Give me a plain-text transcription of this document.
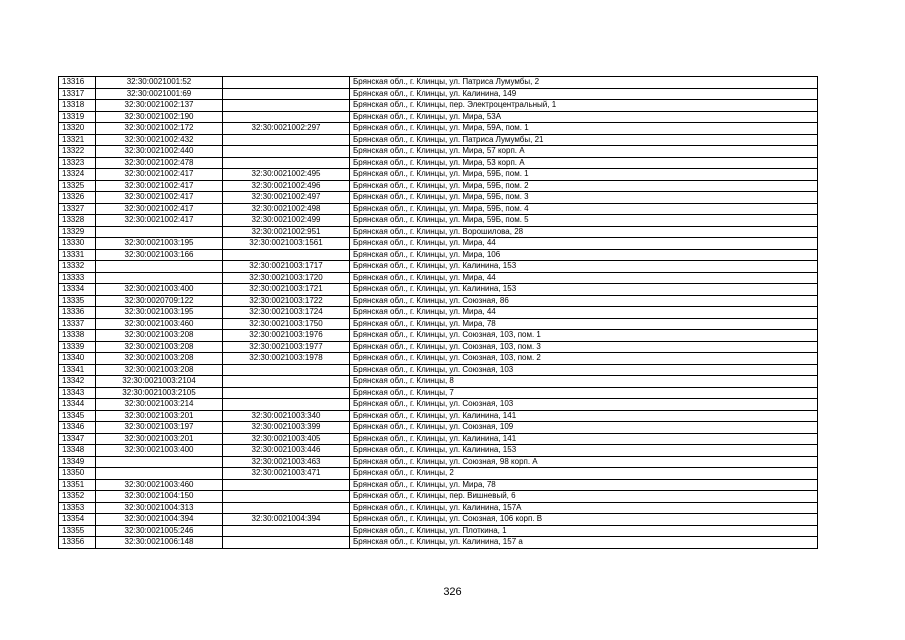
13316	32:30:0021001:52		Брянская обл., г. Клинцы, ул. Патриса Лумумбы, 2
13317	32:30:0021001:69		Брянская обл., г. Клинцы, ул. Калинина, 149
13318	32:30:0021002:137		Брянская обл., г. Клинцы, пер. Электроцентральный, 1
13319	32:30:0021002:190		Брянская обл., г. Клинцы, ул. Мира, 53А
13320	32:30:0021002:172	32:30:0021002:297	Брянская обл., г. Клинцы, ул. Мира, 59А, пом. 1
13321	32:30:0021002:432		Брянская обл., г. Клинцы, ул. Патриса Лумумбы, 21
13322	32:30:0021002:440		Брянская обл., г. Клинцы, ул. Мира, 57 корп. А
13323	32:30:0021002:478		Брянская обл., г. Клинцы, ул. Мира, 53 корп. А
13324	32:30:0021002:417	32:30:0021002:495	Брянская обл., г. Клинцы, ул. Мира, 59Б, пом. 1
13325	32:30:0021002:417	32:30:0021002:496	Брянская обл., г. Клинцы, ул. Мира, 59Б, пом. 2
13326	32:30:0021002:417	32:30:0021002:497	Брянская обл., г. Клинцы, ул. Мира, 59Б, пом. 3
13327	32:30:0021002:417	32:30:0021002:498	Брянская обл., г. Клинцы, ул. Мира, 59Б, пом. 4
13328	32:30:0021002:417	32:30:0021002:499	Брянская обл., г. Клинцы, ул. Мира, 59Б, пом. 5
13329		32:30:0021002:951	Брянская обл., г. Клинцы, ул. Ворошилова, 28
13330	32:30:0021003:195	32:30:0021003:1561	Брянская обл., г. Клинцы, ул. Мира, 44
13331	32:30:0021003:166		Брянская обл., г. Клинцы, ул. Мира, 106
13332		32:30:0021003:1717	Брянская обл., г. Клинцы, ул. Калинина, 153
13333		32:30:0021003:1720	Брянская обл., г. Клинцы, ул. Мира, 44
13334	32:30:0021003:400	32:30:0021003:1721	Брянская обл., г. Клинцы, ул. Калинина, 153
13335	32:30:0020709:122	32:30:0021003:1722	Брянская обл., г. Клинцы, ул. Союзная, 86
13336	32:30:0021003:195	32:30:0021003:1724	Брянская обл., г. Клинцы, ул. Мира, 44
13337	32:30:0021003:460	32:30:0021003:1750	Брянская обл., г. Клинцы, ул. Мира, 78
13338	32:30:0021003:208	32:30:0021003:1976	Брянская обл., г. Клинцы, ул. Союзная, 103, пом. 1
13339	32:30:0021003:208	32:30:0021003:1977	Брянская обл., г. Клинцы, ул. Союзная, 103, пом. 3
13340	32:30:0021003:208	32:30:0021003:1978	Брянская обл., г. Клинцы, ул. Союзная, 103, пом. 2
13341	32:30:0021003:208		Брянская обл., г. Клинцы, ул. Союзная, 103
13342	32:30:0021003:2104		Брянская обл., г. Клинцы, 8
13343	32:30:0021003:2105		Брянская обл., г. Клинцы, 7
13344	32:30:0021003:214		Брянская обл., г. Клинцы, ул. Союзная, 103
13345	32:30:0021003:201	32:30:0021003:340	Брянская обл., г. Клинцы, ул. Калинина, 141
13346	32:30:0021003:197	32:30:0021003:399	Брянская обл., г. Клинцы, ул. Союзная, 109
13347	32:30:0021003:201	32:30:0021003:405	Брянская обл., г. Клинцы, ул. Калинина, 141
13348	32:30:0021003:400	32:30:0021003:446	Брянская обл., г. Клинцы, ул. Калинина, 153
13349		32:30:0021003:463	Брянская обл., г. Клинцы, ул. Союзная, 98 корп. А
13350		32:30:0021003:471	Брянская обл., г. Клинцы, 2
13351	32:30:0021003:460		Брянская обл., г. Клинцы, ул. Мира, 78
13352	32:30:0021004:150		Брянская обл., г. Клинцы, пер. Вишневый, 6
13353	32:30:0021004:313		Брянская обл., г. Клинцы, ул. Калинина, 157А
13354	32:30:0021004:394	32:30:0021004:394	Брянская обл., г. Клинцы, ул. Союзная, 106 корп. В
13355	32:30:0021005:246		Брянская обл., г. Клинцы, ул. Плоткина, 1
13356	32:30:0021006:148		Брянская обл., г. Клинцы, ул. Калинина, 157 а
326
